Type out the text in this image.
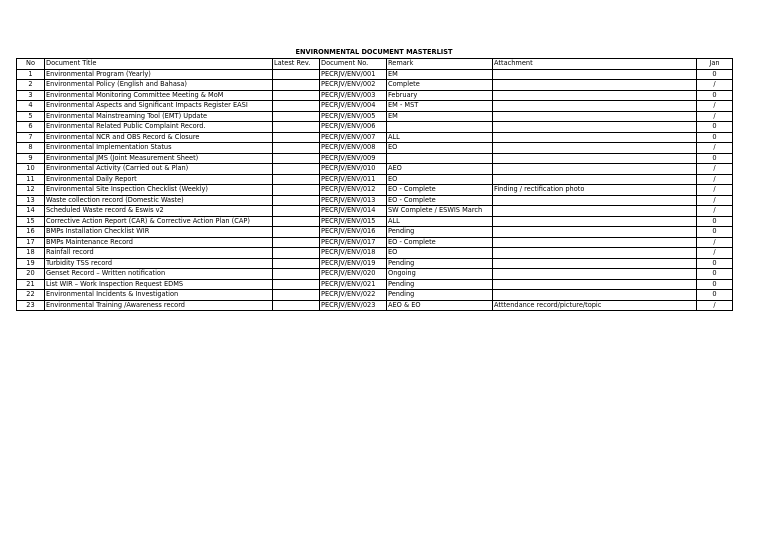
ENVIRONMENTAL DOCUMENT MASTERLIST
No	Document Title	Latest Rev.	Document No.	Remark	Attachment	Jan
1	Environmental Program (Yearly)		PECRJV/ENV/001	EM		0
2	Environmental Policy (English and Bahasa)		PECRJV/ENV/002	Complete		/
3	Environmental Monitoring Committee Meeting & MoM		PECRJV/ENV/003	February		0
4	Environmental Aspects and Significant Impacts Register EASI		PECRJV/ENV/004	EM - MST		/
5	Environmental Mainstreaming Tool (EMT) Update		PECRJV/ENV/005	EM		/
6	Environmental Related Public Complaint Record.		PECRJV/ENV/006			0
7	Environmental NCR and OBS Record & Closure		PECRJV/ENV/007	ALL		0
8	Environmental Implementation Status		PECRJV/ENV/008	EO		/
9	Environmental JMS (Joint Measurement Sheet)		PECRJV/ENV/009			0
10	Environmental Activity (Carried out & Plan)		PECRJV/ENV/010	AEO		/
11	Environmental Daily Report		PECRJV/ENV/011	EO		/
12	Environmental Site Inspection Checklist (Weekly)		PECRJV/ENV/012	EO - Complete	Finding / rectification photo	/
13	Waste collection record (Domestic Waste)		PECRJV/ENV/013	EO - Complete		/
14	Scheduled Waste record & Eswis v2		PECRJV/ENV/014	SW Complete / ESWIS March		/
15	Corrective Action Report (CAR) & Corrective Action Plan (CAP)		PECRJV/ENV/015	ALL		0
16	BMPs Installation Checklist WIR		PECRJV/ENV/016	Pending		0
17	BMPs Maintenance Record		PECRJV/ENV/017	EO - Complete		/
18	Rainfall record		PECRJV/ENV/018	EO		/
19	Turbidity TSS record		PECRJV/ENV/019	Pending		0
20	Genset Record – Written notification		PECRJV/ENV/020	Ongoing		0
21	List WIR – Work Inspection Request EDMS		PECRJV/ENV/021	Pending		0
22	Environmental Incidents & Investigation		PECRJV/ENV/022	Pending		0
23	Environmental Training /Awareness record		PECRJV/ENV/023	AEO & EO	Atttendance record/picture/topic	/
